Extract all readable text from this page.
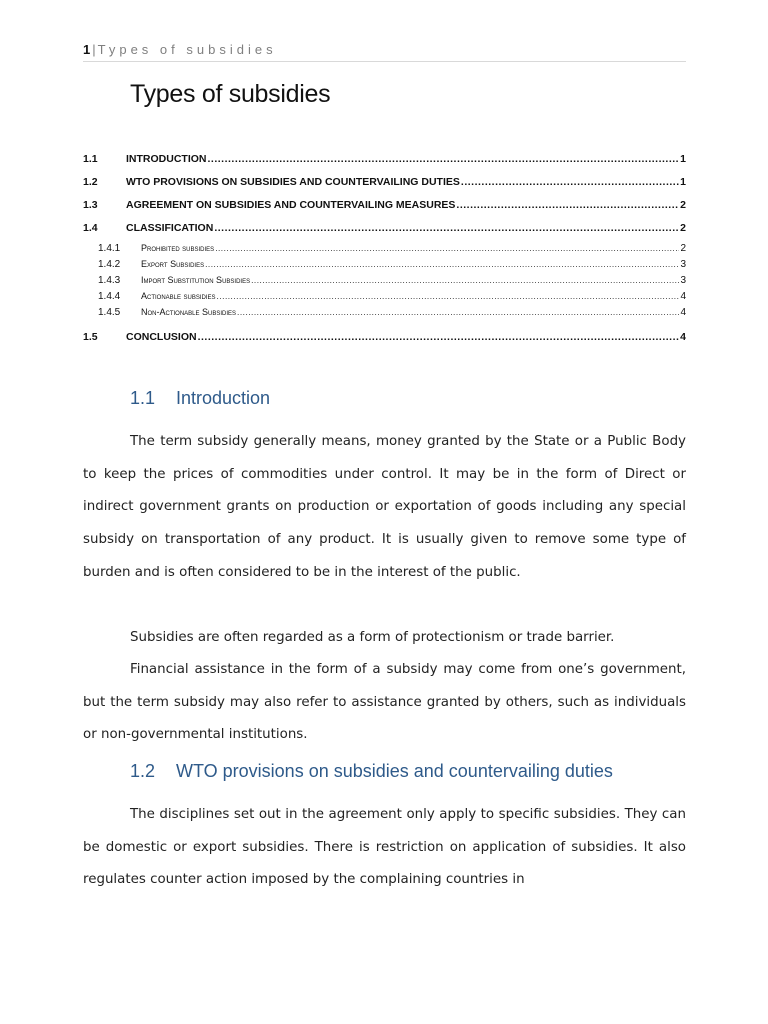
1 | Types of subsidies
Types of subsidies
1.1	INTRODUCTION .....	1
1.2	WTO PROVISIONS ON SUBSIDIES AND COUNTERVAILING DUTIES .....	1
1.3	AGREEMENT ON SUBSIDIES AND COUNTERVAILING MEASURES .....	2
1.4	CLASSIFICATION .....	2
1.4.1	Prohibited subsidies .....	2
1.4.2	Export Subsidies .....	3
1.4.3	Import Substitution Subsidies .....	3
1.4.4	Actionable subsidies .....	4
1.4.5	Non-Actionable Subsidies .....	4
1.5	CONCLUSION .....	4
1.1 Introduction
The term subsidy generally means, money granted by the State or a Public Body to keep the prices of commodities under control. It may be in the form of Direct or indirect government grants on production or exportation of goods including any special subsidy on transportation of any product. It is usually given to remove some type of burden and is often considered to be in the interest of the public.
Subsidies are often regarded as a form of protectionism or trade barrier.
Financial assistance in the form of a subsidy may come from one’s government, but the term subsidy may also refer to assistance granted by others, such as individuals or non-governmental institutions.
1.2 WTO provisions on subsidies and countervailing duties
The disciplines set out in the agreement only apply to specific subsidies. They can be domestic or export subsidies. There is restriction on application of subsidies. It also regulates counter action imposed by the complaining countries in
